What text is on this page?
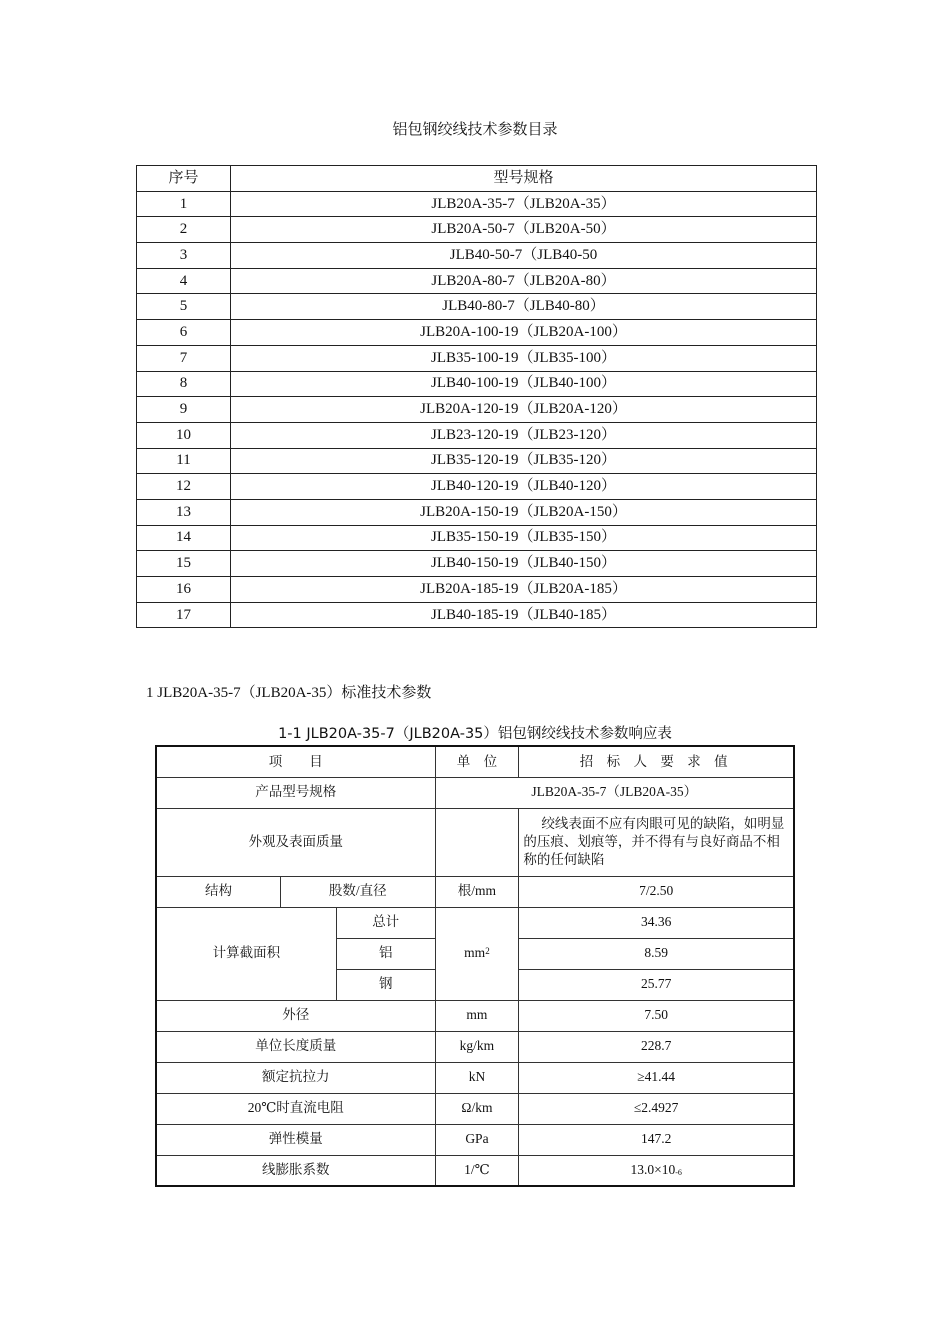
铝包钢绞线技术参数目录
序号	型号规格
1	JLB20A-35-7（JLB20A-35）
2	JLB20A-50-7（JLB20A-50）
3	JLB40-50-7（JLB40-50
4	JLB20A-80-7（JLB20A-80）
5	JLB40-80-7（JLB40-80）
6	JLB20A-100-19（JLB20A-100）
7	JLB35-100-19（JLB35-100）
8	JLB40-100-19（JLB40-100）
9	JLB20A-120-19（JLB20A-120）
10	JLB23-120-19（JLB23-120）
11	JLB35-120-19（JLB35-120）
12	JLB40-120-19（JLB40-120）
13	JLB20A-150-19（JLB20A-150）
14	JLB35-150-19（JLB35-150）
15	JLB40-150-19（JLB40-150）
16	JLB20A-185-19（JLB20A-185）
17	JLB40-185-19（JLB40-185）
1 JLB20A-35-7（JLB20A-35）标准技术参数
1-1 JLB20A-35-7（JLB20A-35）铝包钢绞线技术参数响应表
项　　目			单　位	招 标 人 要 求 值
产品型号规格			JLB20A-35-7（JLB20A-35）	
外观及表面质量				绞线表面不应有肉眼可见的缺陷，如明显的压痕、划痕等，并不得有与良好商品不相称的任何缺陷
结构	股数/直径		根/mm	7/2.50
计算截面积		总计	$mm^2$	34.36
		铝		8.59
		钢		25.77
外径			mm	7.50
单位长度质量			kg/km	228.7
额定抗拉力			kN	≥41.44
20℃时直流电阻			Ω/km	≤2.4927
弹性模量			GPa	147.2
线膨胀系数			1/℃	$13.0\times 10_{-6}$
